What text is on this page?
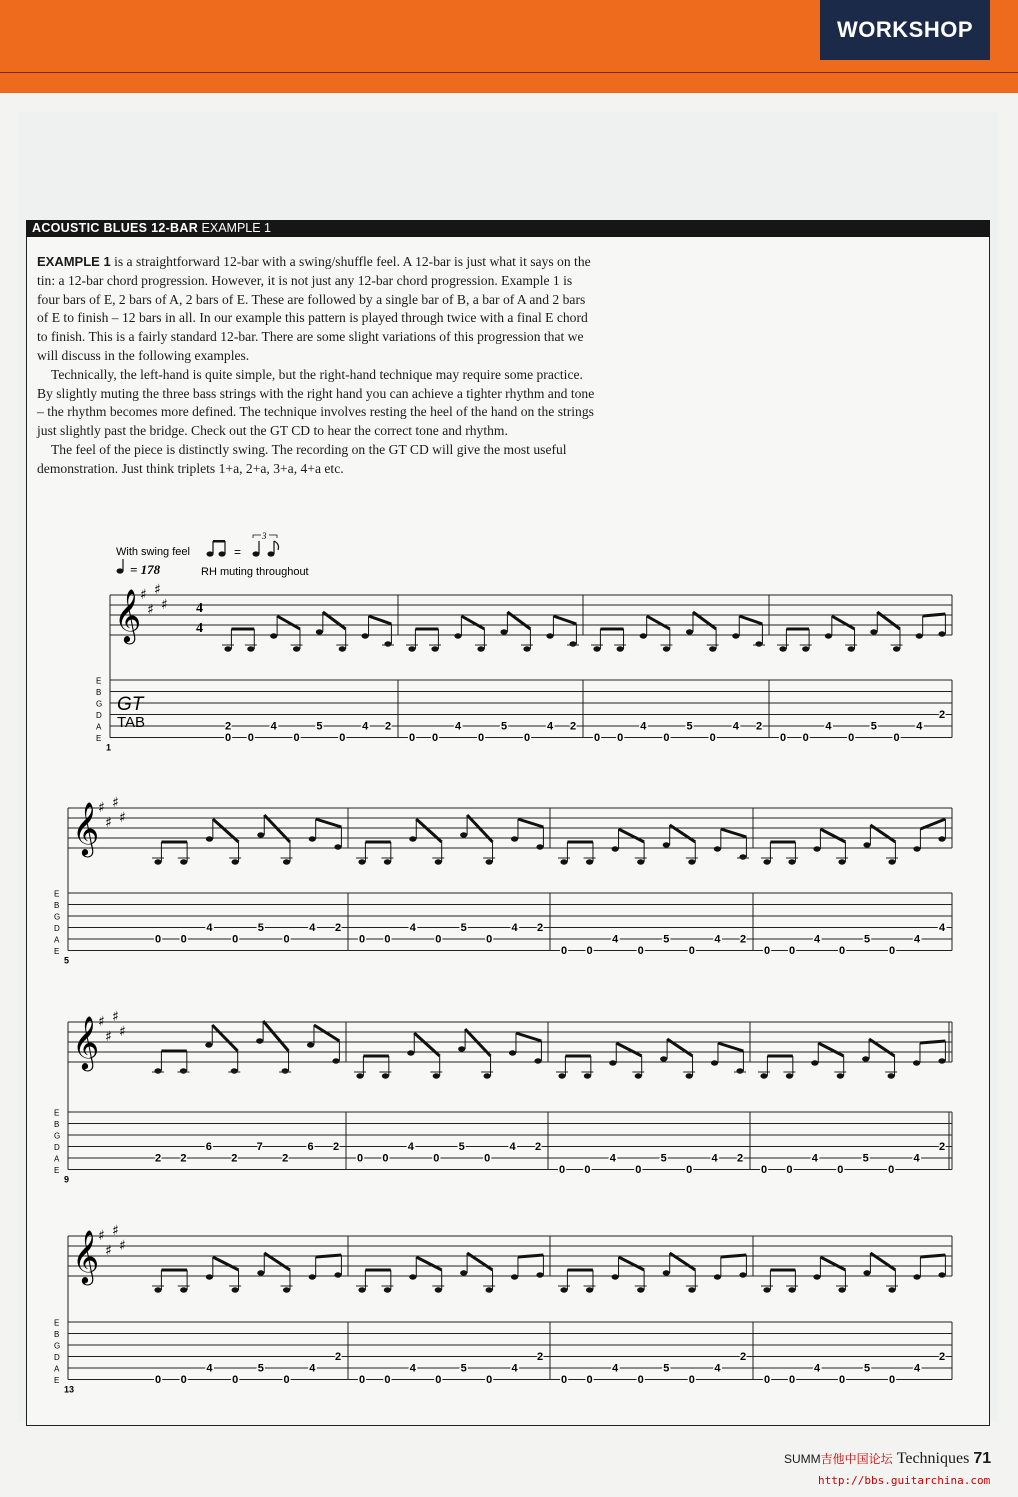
WORKSHOP
ACOUSTIC BLUES 12-BAR EXAMPLE 1

EXAMPLE 1 is a straightforward 12-bar with a swing/shuffle feel. A 12-bar is just what it says on the tin: a 12-bar chord progression. However, it is not just any 12-bar chord progression. Example 1 is four bars of E, 2 bars of A, 2 bars of E. These are followed by a single bar of B, a bar of A and 2 bars of E to finish – 12 bars in all. In our example this pattern is played through twice with a final E chord to finish. This is a fairly standard 12-bar. There are some slight variations of this progression that we will discuss in the following examples.

Technically, the left-hand is quite simple, but the right-hand technique may require some practice. By slightly muting the three bass strings with the right hand you can achieve a tighter rhythm and tone – the rhythm becomes more defined. The technique involves resting the heel of the hand on the strings just slightly past the bridge. Check out the GT CD to hear the correct tone and rhythm.

The feel of the piece is distinctly swing. The recording on the GT CD will give the most useful demonstration. Just think triplets 1+a, 2+a, 3+a, 4+a etc.

With swing feel	=
3
= 178	RH muting throughout
E
B
G
D
A
E
1
𝄞
♯
♯
♯
♯ 4
4
GT
TAB
0
2
0
4
0
5
0
4 2
0 0
4
0
5
0
4 2
0 0
4
0
5
0
4 2
0 0
4
0
5
0
4
2
E
B
G
D
A
E
5
𝄞
♯
♯
♯
♯
0 0
4
0
5
0
4 2
0 0
4
0
5
0
4 2
0 0
4
0
5
0
4 2
0 0
4
0
5
0
4
4
E
B
G
D
A
E
9
𝄞
♯
♯
♯
♯
2 2
6
2
7
2
6 2
0 0
4
0
5
0
4 2
0 0
4
0
5
0
4 2
0 0
4
0
5
0
4
2
E
B
G
D
A
E
13
𝄞
♯
♯
♯
♯
0 0
4
0
5
0
4
2
0 0
4
0
5
0
4
2
0 0
4
0
5
0
4
2
0 0
4
0
5
0
4
2
SUMM吉他中国论坛 Techniques 71
http://bbs.guitarchina.com
